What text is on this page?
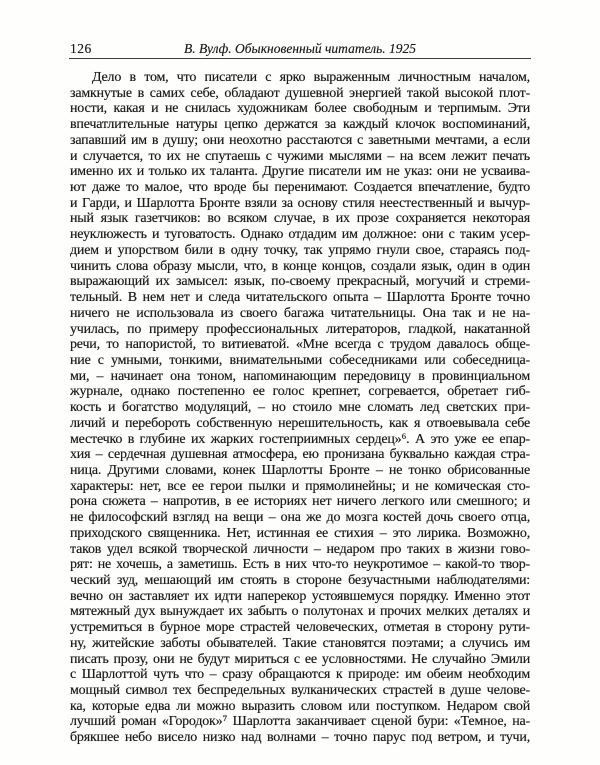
126	В. Вулф. Обыкновенный читатель. 1925
Дело в том, что писатели с ярко выраженным личностным началом,
замкнутые в самих себе, обладают душевной энергией такой высокой плот-
ности, какая и не снилась художникам более свободным и терпимым. Эти
впечатлительные натуры цепко держатся за каждый клочок воспоминаний,
запавший им в душу; они неохотно расстаются с заветными мечтами, а если
и случается, то их не спутаешь с чужими мыслями – на всем лежит печать
именно их и только их таланта. Другие писатели им не указ: они не усваива-
ют даже то малое, что вроде бы перенимают. Создается впечатление, будто
и Гарди, и Шарлотта Бронте взяли за основу стиля неестественный и вычур-
ный язык газетчиков: во всяком случае, в их прозе сохраняется некоторая
неуклюжесть и туговатость. Однако отдадим им должное: они с таким усер-
дием и упорством били в одну точку, так упрямо гнули свое, стараясь под-
чинить слова образу мысли, что, в конце концов, создали язык, один в один
выражающий их замысел: язык, по-своему прекрасный, могучий и стреми-
тельный. В нем нет и следа читательского опыта – Шарлотта Бронте точно
ничего не использовала из своего багажа читательницы. Она так и не на-
училась, по примеру профессиональных литераторов, гладкой, накатанной
речи, то напористой, то витиеватой. «Мне всегда с трудом давалось обще-
ние с умными, тонкими, внимательными собеседниками или собеседница-
ми, – начинает она тоном, напоминающим передовицу в провинциальном
журнале, однако постепенно ее голос крепнет, согревается, обретает гиб-
кость и богатство модуляций, – но стоило мне сломать лед светских при-
личий и перебороть собственную нерешительность, как я отвоевывала себе
местечко в глубине их жарких гостеприимных сердец»⁶. А это уже ее епар-
хия – сердечная душевная атмосфера, ею пронизана буквально каждая стра-
ница. Другими словами, конек Шарлотты Бронте – не тонко обрисованные
характеры: нет, все ее герои пылки и прямолинейны; и не комическая сто-
рона сюжета – напротив, в ее историях нет ничего легкого или смешного; и
не философский взгляд на вещи – она же до мозга костей дочь своего отца,
приходского священника. Нет, истинная ее стихия – это лирика. Возможно,
таков удел всякой творческой личности – недаром про таких в жизни гово-
рят: не хочешь, а заметишь. Есть в них что-то неукротимое – какой-то твор-
ческий зуд, мешающий им стоять в стороне безучастными наблюдателями:
вечно он заставляет их идти наперекор устоявшемуся порядку. Именно этот
мятежный дух вынуждает их забыть о полутонах и прочих мелких деталях и
устремиться в бурное море страстей человеческих, отметая в сторону рути-
ну, житейские заботы обывателей. Такие становятся поэтами; а случись им
писать прозу, они не будут мириться с ее условностями. Не случайно Эмили
с Шарлоттой чуть что – сразу обращаются к природе: им обеим необходим
мощный символ тех беспредельных вулканических страстей в душе челове-
ка, которые едва ли можно выразить словом или поступком. Недаром свой
лучший роман «Городок»⁷ Шарлотта заканчивает сценой бури: «Темное, на-
брякшее небо висело низко над волнами – точно парус под ветром, и тучи,
